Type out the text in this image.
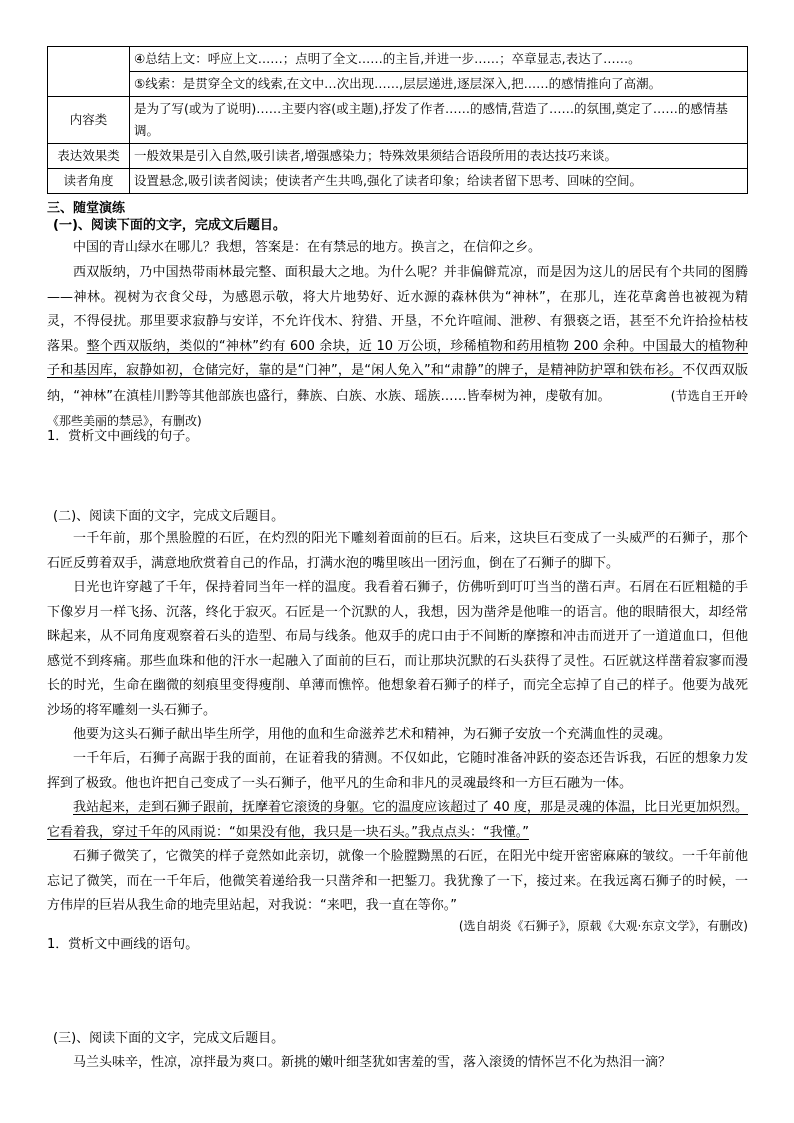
	④总结上文：呼应上文……；点明了全文……的主旨,并进一步……；卒章显志,表达了……。
	⑤线索：是贯穿全文的线索,在文中…次出现……,层层递进,逐层深入,把……的感情推向了高潮。
内容类	是为了写(或为了说明)……主要内容(或主题),抒发了作者……的感情,营造了……的氛围,奠定了……的感情基调。
表达效果类	一般效果是引入自然,吸引读者,增强感染力；特殊效果须结合语段所用的表达技巧来谈。
读者角度	设置悬念,吸引读者阅读；使读者产生共鸣,强化了读者印象；给读者留下思考、回味的空间。
三、随堂演练
(一)、阅读下面的文字，完成文后题目。

中国的青山绿水在哪儿？我想，答案是：在有禁忌的地方。换言之，在信仰之乡。

西双版纳，乃中国热带雨林最完整、面积最大之地。为什么呢？并非偏僻荒凉，而是因为这儿的居民有个共同的图腾——神林。视树为衣食父母，为感恩示敬，将大片地势好、近水源的森林供为“神林”，在那儿，连花草禽兽也被视为精灵，不得侵扰。那里要求寂静与安详，不允许伐木、狩猎、开垦，不允许喧闹、泄秽、有猥亵之语，甚至不允许拾捡枯枝落果。整个西双版纳，类似的“神林”约有 600 余块，近 10 万公顷，珍稀植物和药用植物 200 余种。中国最大的植物种子和基因库，寂静如初，仓储完好，靠的是“门神”，是“闲人免入”和“肃静”的牌子，是精神防护罩和铁布衫。不仅西双版纳，“神林”在滇桂川黔等其他部族也盛行，彝族、白族、水族、瑶族……皆奉树为神，虔敬有加。	(节选自王开岭《那些美丽的禁忌》，有删改)

1．赏析文中画线的句子。
(二)、阅读下面的文字，完成文后题目。

一千年前，那个黑脸膛的石匠，在灼烈的阳光下雕刻着面前的巨石。后来，这块巨石变成了一头威严的石狮子，那个石匠反剪着双手，满意地欣赏着自己的作品，打满水泡的嘴里咳出一团污血，倒在了石狮子的脚下。

日光也许穿越了千年，保持着同当年一样的温度。我看着石狮子，仿佛听到叮叮当当的凿石声。石屑在石匠粗糙的手下像岁月一样飞扬、沉落，终化于寂灭。石匠是一个沉默的人，我想，因为凿斧是他唯一的语言。他的眼睛很大，却经常眯起来，从不同角度观察着石头的造型、布局与线条。他双手的虎口由于不间断的摩擦和冲击而迸开了一道道血口，但他感觉不到疼痛。那些血珠和他的汗水一起融入了面前的巨石，而让那块沉默的石头获得了灵性。石匠就这样凿着寂寥而漫长的时光，生命在幽微的刻痕里变得瘦削、单薄而憔悴。他想象着石狮子的样子，而完全忘掉了自己的样子。他要为战死沙场的将军雕刻一头石狮子。

他要为这头石狮子献出毕生所学，用他的血和生命滋养艺术和精神，为石狮子安放一个充满血性的灵魂。

一千年后，石狮子高踞于我的面前，在证着我的猜测。不仅如此，它随时准备冲跃的姿态还告诉我，石匠的想象力发挥到了极致。他也许把自己变成了一头石狮子，他平凡的生命和非凡的灵魂最终和一方巨石融为一体。

我站起来，走到石狮子跟前，抚摩着它滚烫的身躯。它的温度应该超过了 40 度，那是灵魂的体温，比日光更加炽烈。它看着我，穿过千年的风雨说：“如果没有他，我只是一块石头。”我点点头：“我懂。”

石狮子微笑了，它微笑的样子竟然如此亲切，就像一个脸膛黝黑的石匠，在阳光中绽开密密麻麻的皱纹。一千年前他忘记了微笑，而在一千年后，他微笑着递给我一只凿斧和一把錾刀。我犹豫了一下，接过来。在我远离石狮子的时候，一方伟岸的巨岩从我生命的地壳里站起，对我说：“来吧，我一直在等你。”

(选自胡炎《石狮子》，原载《大观·东京文学》，有删改)
1．赏析文中画线的语句。
(三)、阅读下面的文字，完成文后题目。

马兰头味辛，性凉，凉拌最为爽口。新挑的嫩叶细茎犹如害羞的雪，落入滚烫的情怀岂不化为热泪一滴？
